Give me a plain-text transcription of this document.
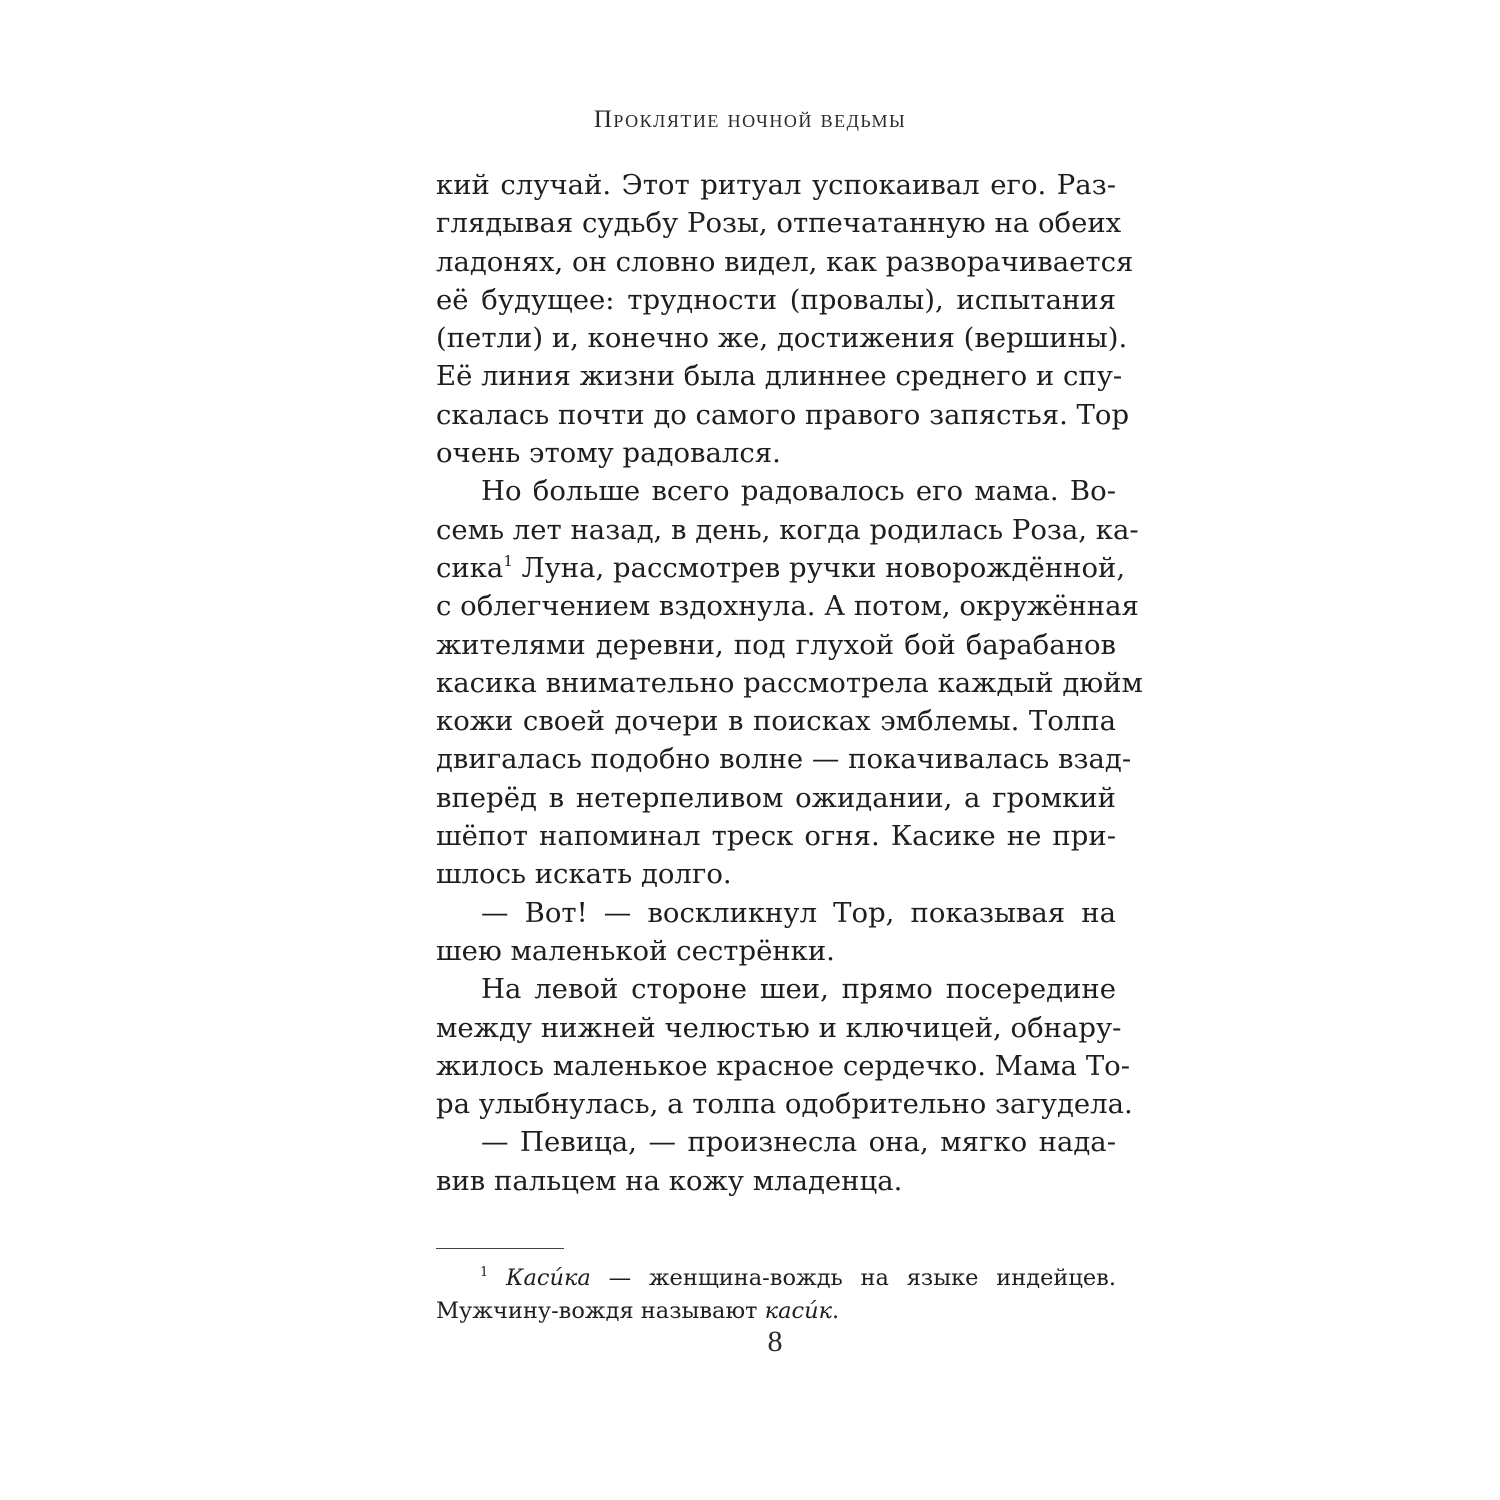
Проклятие ночной ведьмы
кий случай. Этот ритуал успокаивал его. Раз-
глядывая судьбу Розы, отпечатанную на обеих
ладонях, он словно видел, как разворачивается
её будущее: трудности (провалы), испытания
(петли) и, конечно же, достижения (вершины).
Её линия жизни была длиннее среднего и спу-
скалась почти до самого правого запястья. Тор
очень этому радовался.
Но больше всего радовалось его мама. Во-
семь лет назад, в день, когда родилась Роза, ка-
сика$^1$ Луна, рассмотрев ручки новорождённой,
с облегчением вздохнула. А потом, окружённая
жителями деревни, под глухой бой барабанов
касика внимательно рассмотрела каждый дюйм
кожи своей дочери в поисках эмблемы. Толпа
двигалась подобно волне — покачивалась взад-
вперёд в нетерпеливом ожидании, а громкий
шёпот напоминал треск огня. Касике не при-
шлось искать долго.
— Вот! — воскликнул Тор, показывая на
шею маленькой сестрёнки.
На левой стороне шеи, прямо посередине
между нижней челюстью и ключицей, обнару-
жилось маленькое красное сердечко. Мама То-
ра улыбнулась, а толпа одобрительно загудела.
— Певица, — произнесла она, мягко нада-
вив пальцем на кожу младенца.
$^1$ Касúка — женщина-вождь на языке индейцев.
Мужчину-вождя называют касúк.
8
